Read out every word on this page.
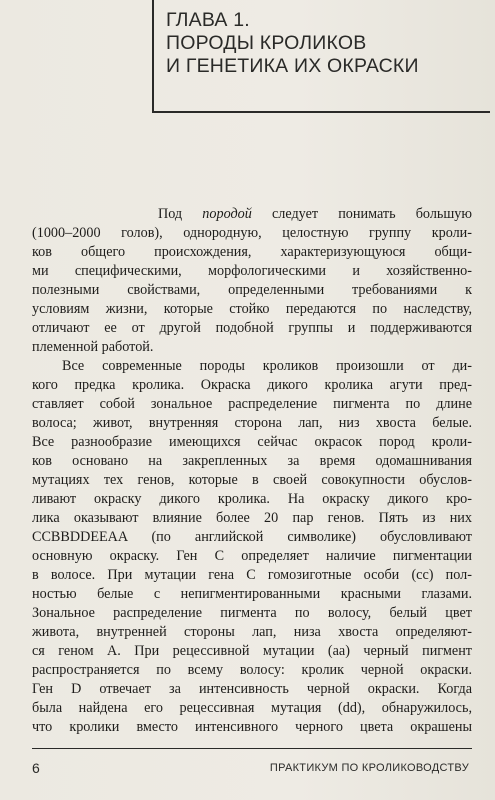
ГЛАВА 1.
ПОРОДЫ КРОЛИКОВ
И ГЕНЕТИКА ИХ ОКРАСКИ
Под породой следует понимать большую
(1000–2000 голов), однородную, целостную группу кроли-
ков общего происхождения, характеризующуюся общи-
ми специфическими, морфологическими и хозяйственно-
полезными свойствами, определенными требованиями к
условиям жизни, которые стойко передаются по наследству,
отличают ее от другой подобной группы и поддерживаются
племенной работой.
Все современные породы кроликов произошли от ди-
кого предка кролика. Окраска дикого кролика агути пред-
ставляет собой зональное распределение пигмента по длине
волоса; живот, внутренняя сторона лап, низ хвоста белые.
Все разнообразие имеющихся сейчас окрасок пород кроли-
ков основано на закрепленных за время одомашнивания
мутациях тех генов, которые в своей совокупности обуслов-
ливают окраску дикого кролика. На окраску дикого кро-
лика оказывают влияние более 20 пар генов. Пять из них
CCBBDDEEAA (по английской символике) обусловливают
основную окраску. Ген С определяет наличие пигментации
в волосе. При мутации гена С гомозиготные особи (cc) пол-
ностью белые с непигментированными красными глазами.
Зональное распределение пигмента по волосу, белый цвет
живота, внутренней стороны лап, низа хвоста определяют-
ся геном А. При рецессивной мутации (аа) черный пигмент
распространяется по всему волосу: кролик черной окраски.
Ген D отвечает за интенсивность черной окраски. Когда
была найдена его рецессивная мутация (dd), обнаружилось,
что кролики вместо интенсивного черного цвета окрашены
6	ПРАКТИКУМ ПО КРОЛИКОВОДСТВУ
